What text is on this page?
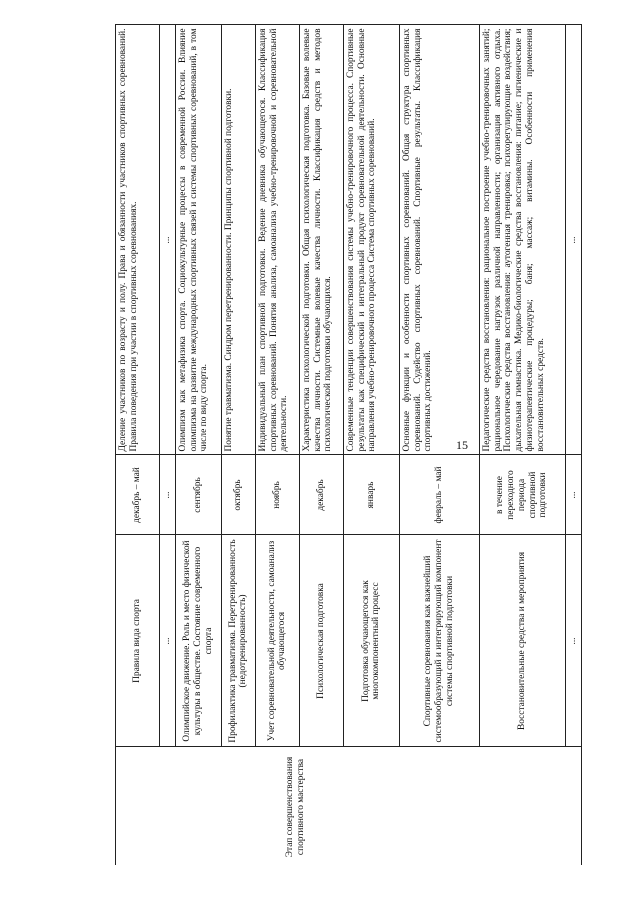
15
	Правила вида спорта	декабрь – май	Деление участников по возрасту и полу. Права и обязанности участников спортивных соревнований. Правила поведения при участии в спортивных соревнованиях.
	...	...	...
	Олимпийское движение. Роль и место физической культуры в обществе. Состояние современного спорта	сентябрь	Олимпизм как метафизика спорта. Социокультурные процессы в современной России. Влияние олимпизма на развитие международных спортивных связей и системы спортивных соревнований, в том числе по виду спорта.
	Профилактика травматизма. Перетренированность (недотренированность)	октябрь	Понятие травматизма. Синдром перетренированности. Принципы спортивной подготовки.
	Учет соревновательной деятельности, самоанализ обучающегося	ноябрь	Индивидуальный план спортивной подготовки. Ведение дневника обучающегося. Классификация спортивных соревнований. Понятия анализа, самоанализа учебно-тренировочной и соревновательной деятельности.
	Психологическая подготовка	декабрь	Характеристика психологической подготовки. Общая психологическая подготовка. Базовые волевые качества личности. Системные волевые качества личности. Классификация средств и методов психологической подготовки обучающихся.
	Подготовка обучающегося как многокомпонентный процесс	январь	Современные тенденции совершенствования системы учебно-тренировочного процесса. Спортивные результаты как специфический и интегральный продукт соревновательной деятельности. Основные направления учебно-тренировочного процесса Система спортивных соревнований.
	Спортивные соревнования как важнейший системообразующий и интегрирующий компонент системы спортивной подготовки	февраль – май	Основные функции и особенности спортивных соревнований. Общая структура спортивных соревнований. Судейство спортивных соревнований. Спортивные результаты. Классификация спортивных достижений.
	Восстановительные средства и мероприятия	в течение переходного периода спортивной подготовки	Педагогические средства восстановления: рациональное построение учебно-тренировочных занятий; рациональное чередование нагрузок различной направленности; организация активного отдыха. Психологические средства восстановления: аутогенная тренировка; психорегулирующие воздействия; дыхательная гимнастика. Медико-биологические средства восстановления: питание; гигиенические и физиотерапевтические процедуры; баня; массаж; витамины. Особенности применения восстановительных средств.
	...	...	...
Этап совершенствования спортивного мастерства
